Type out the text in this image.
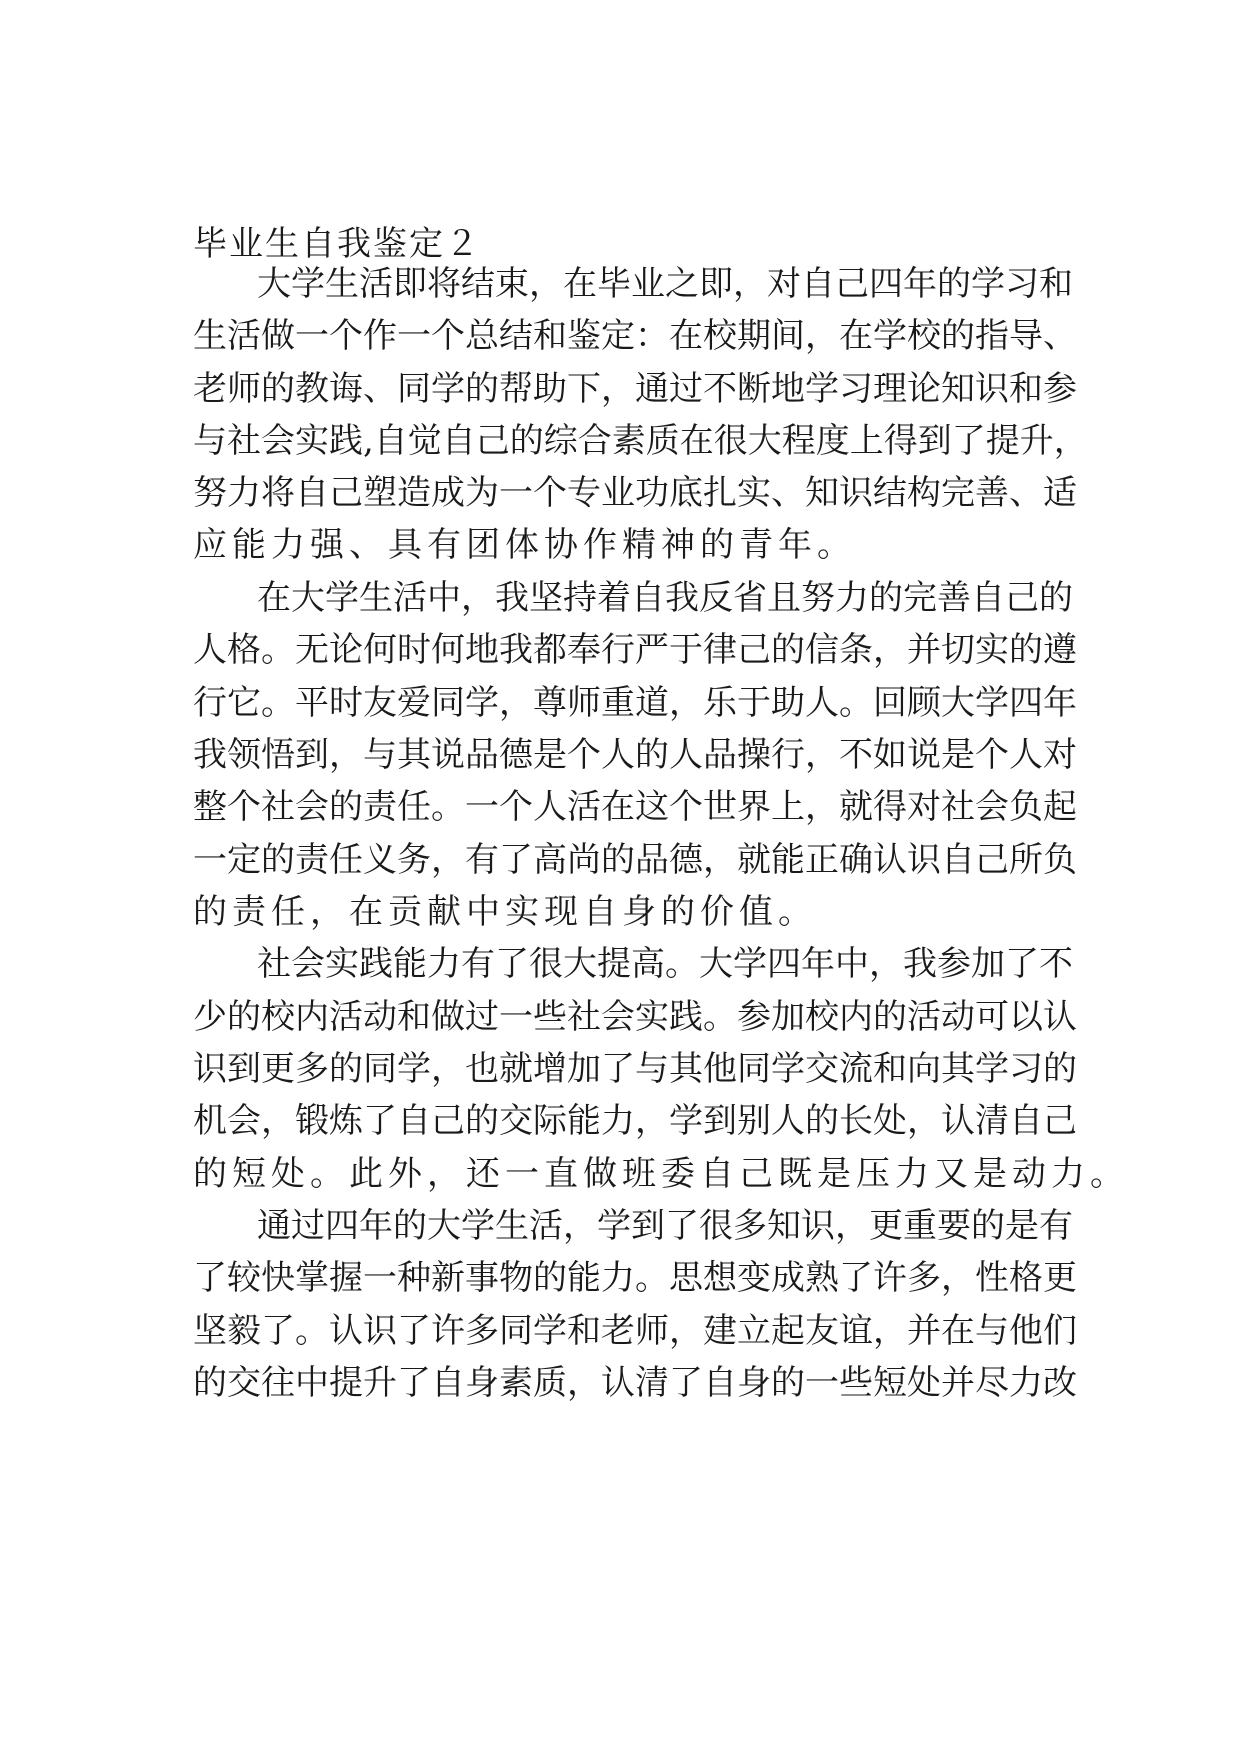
毕业生自我鉴定２
大学生活即将结束，在毕业之即，对自己四年的学习和
生活做一个作一个总结和鉴定：在校期间，在学校的指导、
老师的教诲、同学的帮助下，通过不断地学习理论知识和参
与社会实践,自觉自己的综合素质在很大程度上得到了提升，
努力将自己塑造成为一个专业功底扎实、知识结构完善、适
应能力强、具有团体协作精神的青年。
在大学生活中，我坚持着自我反省且努力的完善自己的
人格。无论何时何地我都奉行严于律己的信条，并切实的遵
行它。平时友爱同学，尊师重道，乐于助人。回顾大学四年
我领悟到，与其说品德是个人的人品操行，不如说是个人对
整个社会的责任。一个人活在这个世界上，就得对社会负起
一定的责任义务，有了高尚的品德，就能正确认识自己所负
的责任，在贡献中实现自身的价值。
社会实践能力有了很大提高。大学四年中，我参加了不
少的校内活动和做过一些社会实践。参加校内的活动可以认
识到更多的同学，也就增加了与其他同学交流和向其学习的
机会，锻炼了自己的交际能力，学到别人的长处，认清自己
的短处。此外，还一直做班委自己既是压力又是动力。
通过四年的大学生活，学到了很多知识，更重要的是有
了较快掌握一种新事物的能力。思想变成熟了许多，性格更
坚毅了。认识了许多同学和老师，建立起友谊，并在与他们
的交往中提升了自身素质，认清了自身的一些短处并尽力改
